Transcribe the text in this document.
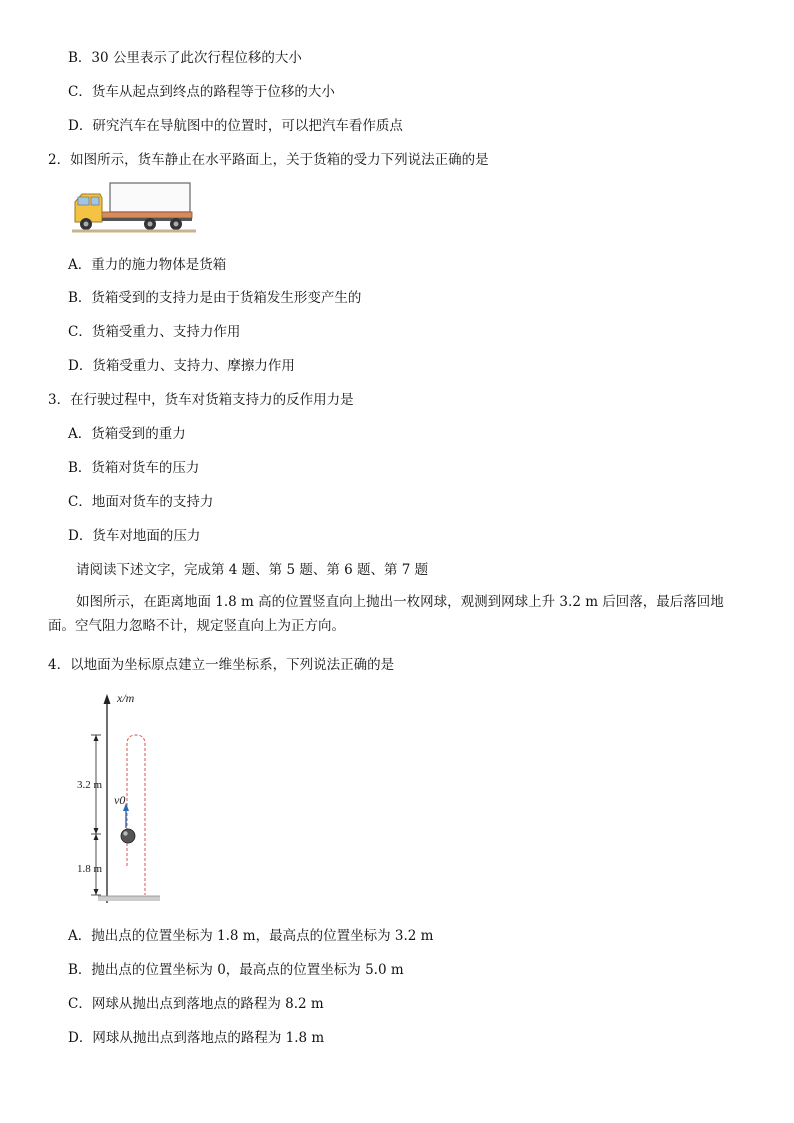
B．30 公里表示了此次行程位移的大小
C．货车从起点到终点的路程等于位移的大小
D．研究汽车在导航图中的位置时，可以把汽车看作质点
2．如图所示，货车静止在水平路面上，关于货箱的受力下列说法正确的是
A．重力的施力物体是货箱
B．货箱受到的支持力是由于货箱发生形变产生的
C．货箱受重力、支持力作用
D．货箱受重力、支持力、摩擦力作用
3．在行驶过程中，货车对货箱支持力的反作用力是
A．货箱受到的重力
B．货箱对货车的压力
C．地面对货车的支持力
D．货车对地面的压力
请阅读下述文字，完成第 4 题、第 5 题、第 6 题、第 7 题
如图所示，在距离地面 1.8 m 高的位置竖直向上抛出一枚网球，观测到网球上升 3.2 m 后回落，最后落回地面。空气阻力忽略不计，规定竖直向上为正方向。
4．以地面为坐标原点建立一维坐标系，下列说法正确的是
x/m
3.2 m
1.8 m
v0
A．抛出点的位置坐标为 1.8 m，最高点的位置坐标为 3.2 m
B．抛出点的位置坐标为 0，最高点的位置坐标为 5.0 m
C．网球从抛出点到落地点的路程为 8.2 m
D．网球从抛出点到落地点的路程为 1.8 m
